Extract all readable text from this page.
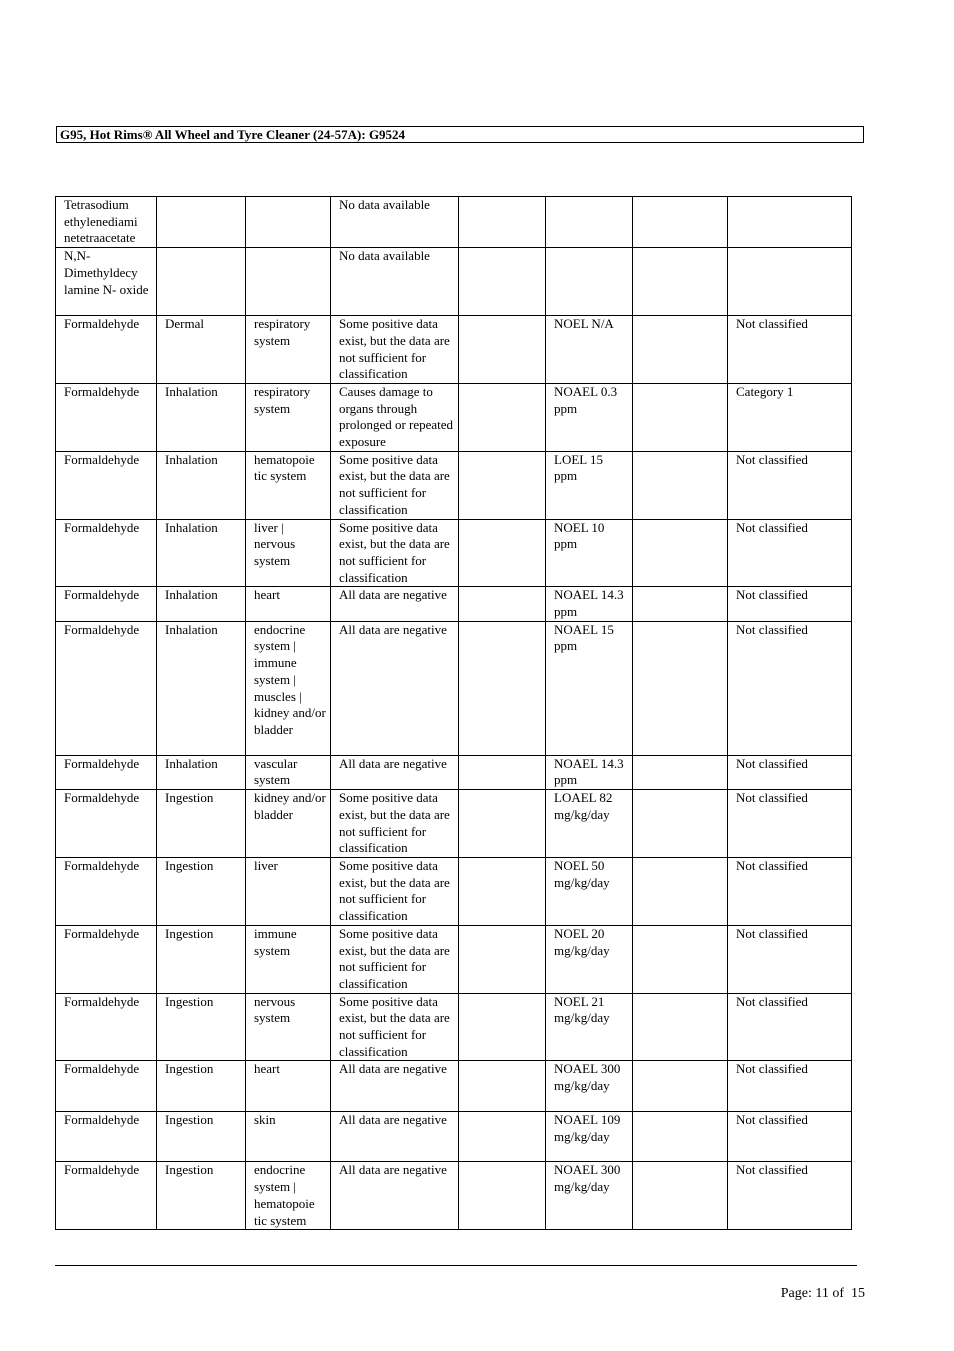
G95, Hot Rims® All Wheel and Tyre Cleaner (24-57A): G9524
Tetrasodium ethylenediami netetraacetate			No data available				
N,N- Dimethyldecy lamine N- oxide			No data available				
Formaldehyde	Dermal	respiratory system	Some positive data exist, but the data are not sufficient for classification		NOEL N/A		Not classified
Formaldehyde	Inhalation	respiratory system	Causes damage to organs through prolonged or repeated exposure		NOAEL 0.3 ppm		Category 1
Formaldehyde	Inhalation	hematopoie tic system	Some positive data exist, but the data are not sufficient for classification		LOEL 15 ppm		Not classified
Formaldehyde	Inhalation	liver | nervous system	Some positive data exist, but the data are not sufficient for classification		NOEL 10 ppm		Not classified
Formaldehyde	Inhalation	heart	All data are negative		NOAEL 14.3 ppm		Not classified
Formaldehyde	Inhalation	endocrine system | immune system | muscles | kidney and/or bladder	All data are negative		NOAEL 15 ppm		Not classified
Formaldehyde	Inhalation	vascular system	All data are negative		NOAEL 14.3 ppm		Not classified
Formaldehyde	Ingestion	kidney and/or bladder	Some positive data exist, but the data are not sufficient for classification		LOAEL 82 mg/kg/day		Not classified
Formaldehyde	Ingestion	liver	Some positive data exist, but the data are not sufficient for classification		NOEL 50 mg/kg/day		Not classified
Formaldehyde	Ingestion	immune system	Some positive data exist, but the data are not sufficient for classification		NOEL 20 mg/kg/day		Not classified
Formaldehyde	Ingestion	nervous system	Some positive data exist, but the data are not sufficient for classification		NOEL 21 mg/kg/day		Not classified
Formaldehyde	Ingestion	heart	All data are negative		NOAEL 300 mg/kg/day		Not classified
Formaldehyde	Ingestion	skin	All data are negative		NOAEL 109 mg/kg/day		Not classified
Formaldehyde	Ingestion	endocrine system | hematopoie tic system	All data are negative		NOAEL 300 mg/kg/day		Not classified
Page: 11 of  15
